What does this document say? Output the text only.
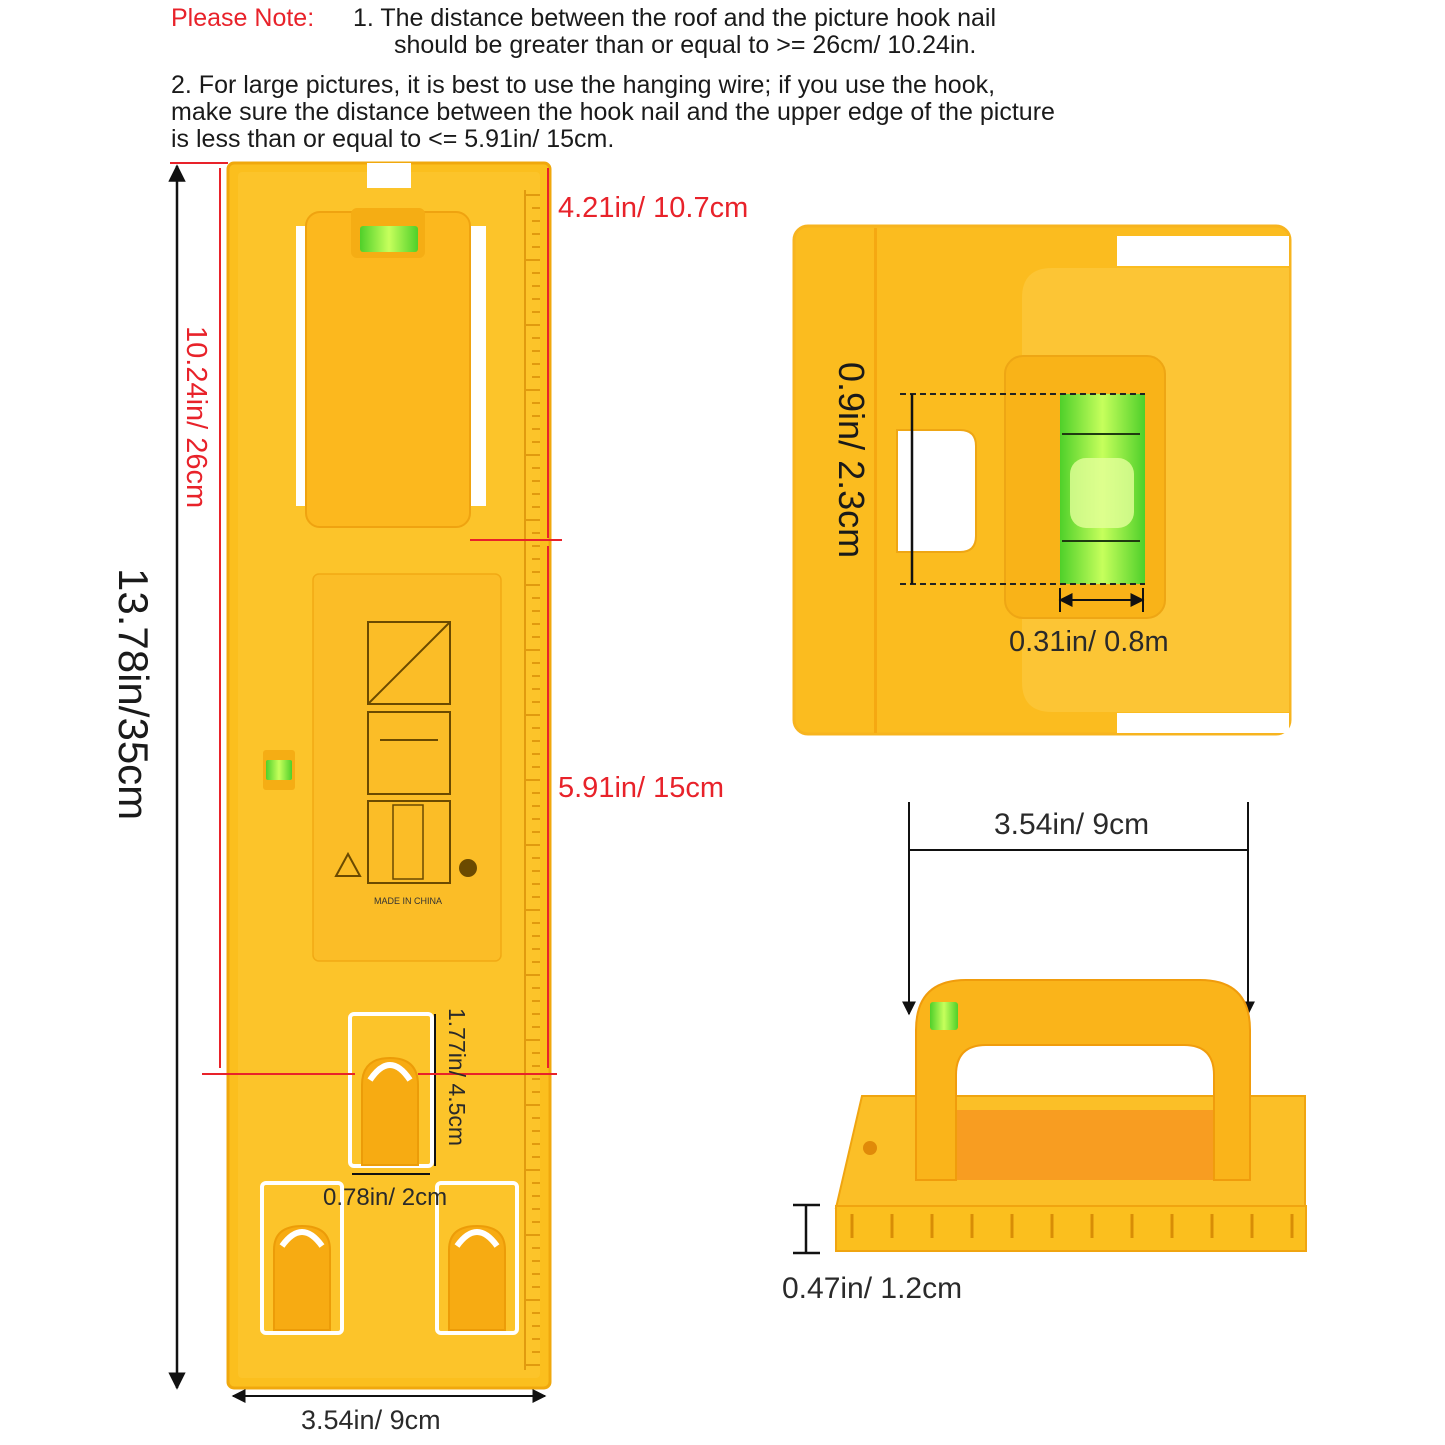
Please Note: 1. The distance between the roof and the picture hook nail
should be greater than or equal to >= 26cm/ 10.24in.
2. For large pictures, it is best to use the hanging wire; if you use the hook,
make sure the distance between the hook nail and the upper edge of the picture
is less than or equal to <= 5.91in/ 15cm.
MADE IN CHINA
13.78in/35cm
10.24in/ 26cm
4.21in/ 10.7cm
5.91in/ 15cm
1.77in/ 4.5cm
0.78in/ 2cm
3.54in/ 9cm
0.9in/ 2.3cm
0.31in/ 0.8m
3.54in/ 9cm
0.47in/ 1.2cm
